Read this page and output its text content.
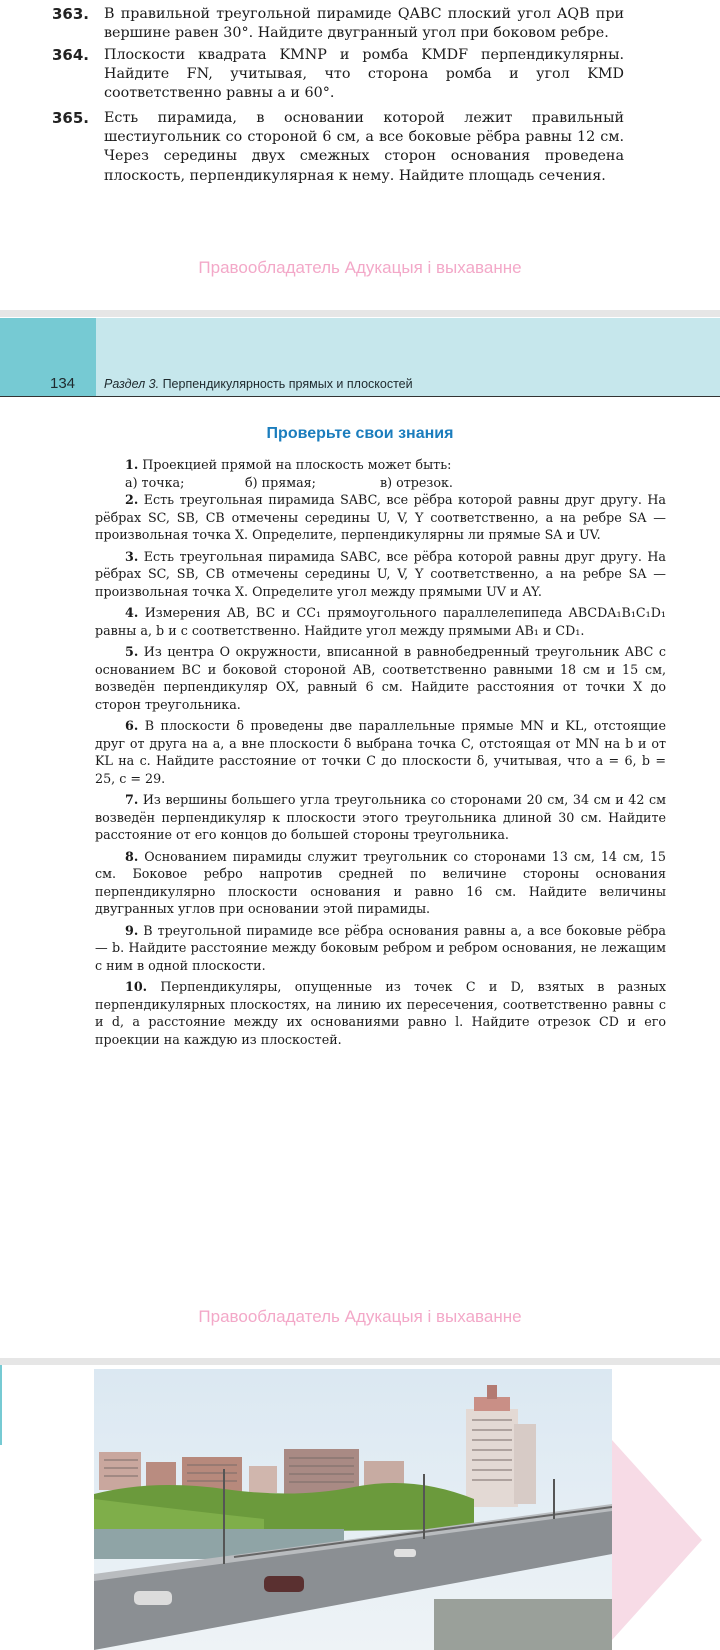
363. В правильной треугольной пирамиде QABC плоский угол AQB при вершине равен 30°. Найдите двугранный угол при боковом ребре.
364. Плоскости квадрата KMNP и ромба KMDF перпендикулярны. Найдите FN, учитывая, что сторона ромба и угол KMD соответственно равны a и 60°.
365. Есть пирамида, в основании которой лежит правильный шестиугольник со стороной 6 см, а все боковые рёбра равны 12 см. Через середины двух смежных сторон основания проведена плоскость, перпендикулярная к нему. Найдите площадь сечения.
Правообладатель Адукацыя і выхаванне
134 Раздел 3. Перпендикулярность прямых и плоскостей
Проверьте свои знания

1. Проекцией прямой на плоскость может быть:

а) точка;	б) прямая;	в) отрезок.

2. Есть треугольная пирамида SABC, все рёбра которой равны друг другу. На рёбрах SC, SB, CB отмечены середины U, V, Y соответственно, а на ребре SA — произвольная точка X. Определите, перпендикулярны ли прямые SA и UV.

3. Есть треугольная пирамида SABC, все рёбра которой равны друг другу. На рёбрах SC, SB, CB отмечены середины U, V, Y соответственно, а на ребре SA — произвольная точка X. Определите угол между прямыми UV и AY.

4. Измерения AB, BC и CC₁ прямоугольного параллелепипеда ABCDA₁B₁C₁D₁ равны a, b и c соответственно. Найдите угол между прямыми AB₁ и CD₁.

5. Из центра O окружности, вписанной в равнобедренный треугольник ABC с основанием BC и боковой стороной AB, соответственно равными 18 см и 15 см, возведён перпендикуляр OX, равный 6 см. Найдите расстояния от точки X до сторон треугольника.

6. В плоскости δ проведены две параллельные прямые MN и KL, отстоящие друг от друга на a, а вне плоскости δ выбрана точка C, отстоящая от MN на b и от KL на c. Найдите расстояние от точки C до плоскости δ, учитывая, что a = 6, b = 25, c = 29.

7. Из вершины большего угла треугольника со сторонами 20 см, 34 см и 42 см возведён перпендикуляр к плоскости этого треугольника длиной 30 см. Найдите расстояние от его концов до большей стороны треугольника.

8. Основанием пирамиды служит треугольник со сторонами 13 см, 14 см, 15 см. Боковое ребро напротив средней по величине стороны основания перпендикулярно плоскости основания и равно 16 см. Найдите величины двугранных углов при основании этой пирамиды.

9. В треугольной пирамиде все рёбра основания равны a, а все боковые рёбра — b. Найдите расстояние между боковым ребром и ребром основания, не лежащим с ним в одной плоскости.

10. Перпендикуляры, опущенные из точек C и D, взятых в разных перпендикулярных плоскостях, на линию их пересечения, соответственно равны c и d, а расстояние между их основаниями равно l. Найдите отрезок CD и его проекции на каждую из плоскостей.

Правообладатель Адукацыя і выхаванне
